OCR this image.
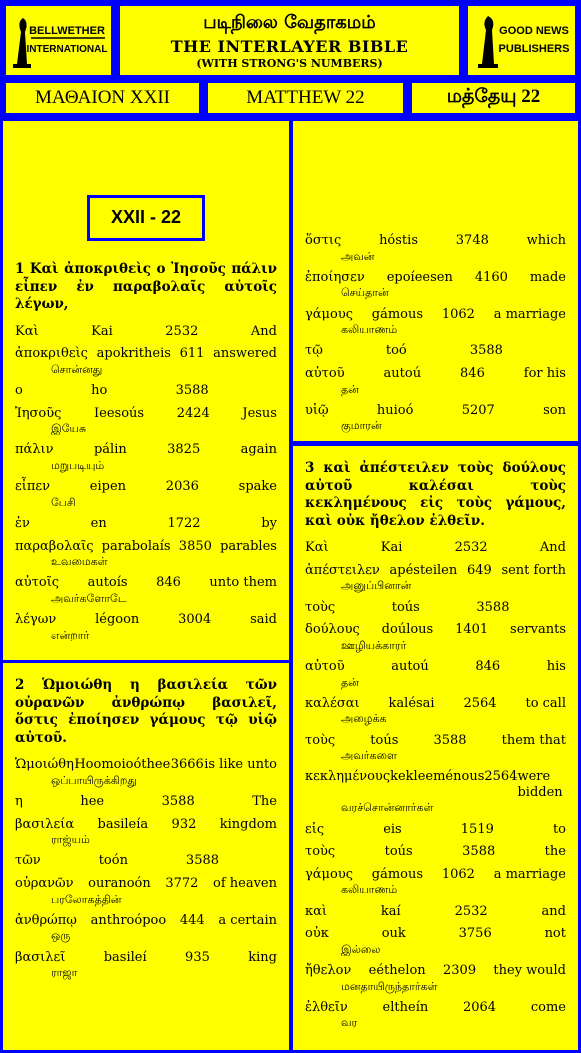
BELLWETHER
INTERNATIONAL
படிநிலை வேதாகமம்
THE INTERLAYER BIBLE
(WITH STRONG'S NUMBERS)
GOOD NEWS
PUBLISHERS
ΜΑΘΑΙΟΝ XXII	MATTHEW 22	மத்தேயு 22
XXII - 22
1 Καὶ ἀποκριθεὶς ο Ἰησοῦς πάλιν εἶπεν ἐν παραβολαῖς αὐτοῖς λέγων,
Καὶ	Kai	2532	And
ἀποκριθεὶς apokritheis 611 answered
சொன்னது
ο	ho	3588
Ἰησοῦς	Ieesoús	2424	Jesus
இயேசு
πάλιν	pálin	3825	again
மறுபடியும்
εἶπεν	eipen	2036	spake
பேசி
ἐν	en	1722	by
παραβολαῖς parabolaís 3850 parables
உவமைகள்
αὐτοῖς autoís 846 unto them
அவர்களோடே
λέγων	légoon	3004	said
என்றார்
2 Ὡμοιώθη η βασιλεία τῶν οὐρανῶν ἀνθρώπῳ βασιλεῖ, ὅστις ἐποίησεν γάμους τῷ υἱῷ αὐτοῦ.
Ὡμοιώθη Hoomoioóthee 3666 is like unto
ஒப்பாயிருக்கிறது
η	hee	3588	The
βασιλεία basileía 932 kingdom
ராஜ்யம்
τῶν	toón	3588
οὐρανῶν ouranoón 3772 of heaven
பரலோகத்தின்
ἀνθρώπῳ anthroópoo 444 a certain
ஒரு
βασιλεῖ	basileí	935	king
ராஜா
ὅστις	hóstis	3748	which
அவன்
ἐποίησεν epoíeesen 4160 made
செய்தான்
γάμους gámous 1062 a marriage
கலியாணம்
τῷ	toó	3588
αὐτοῦ	autoú	846	for his
தன்
υἱῷ	huioó	5207	son
குமாரன்
3 καὶ ἀπέστειλεν τοὺς δούλους αὐτοῦ καλέσαι τοὺς κεκλημένους εἰς τοὺς γάμους, καὶ οὐκ ἤθελον ἐλθεῖν.
Καὶ	Kai	2532	And
ἀπέστειλεν apésteilen 649 sent forth
அனுப்பினான்
τοὺς	toús	3588
δούλους doúlous 1401 servants
ஊழியக்காரர்
αὐτοῦ	autoú	846	his
தன்
καλέσαι kalésai 2564 to call
அழைக்க
τοὺς	toús	3588	them that
அவர்களை
κεκλημένους kekleeménous 2564 were bidden
வரச்சொன்னார்கள்
εἰς	eis	1519	to
τοὺς	toús	3588	the
γάμους gámous 1062 a marriage
கலியாணம்
καὶ	kaí	2532	and
οὐκ	ouk	3756	not
இல்லை
ἤθελον eéthelon 2309 they would
மனதாயிருந்தார்கள்
ἐλθεῖν	eltheín	2064	come
வர
